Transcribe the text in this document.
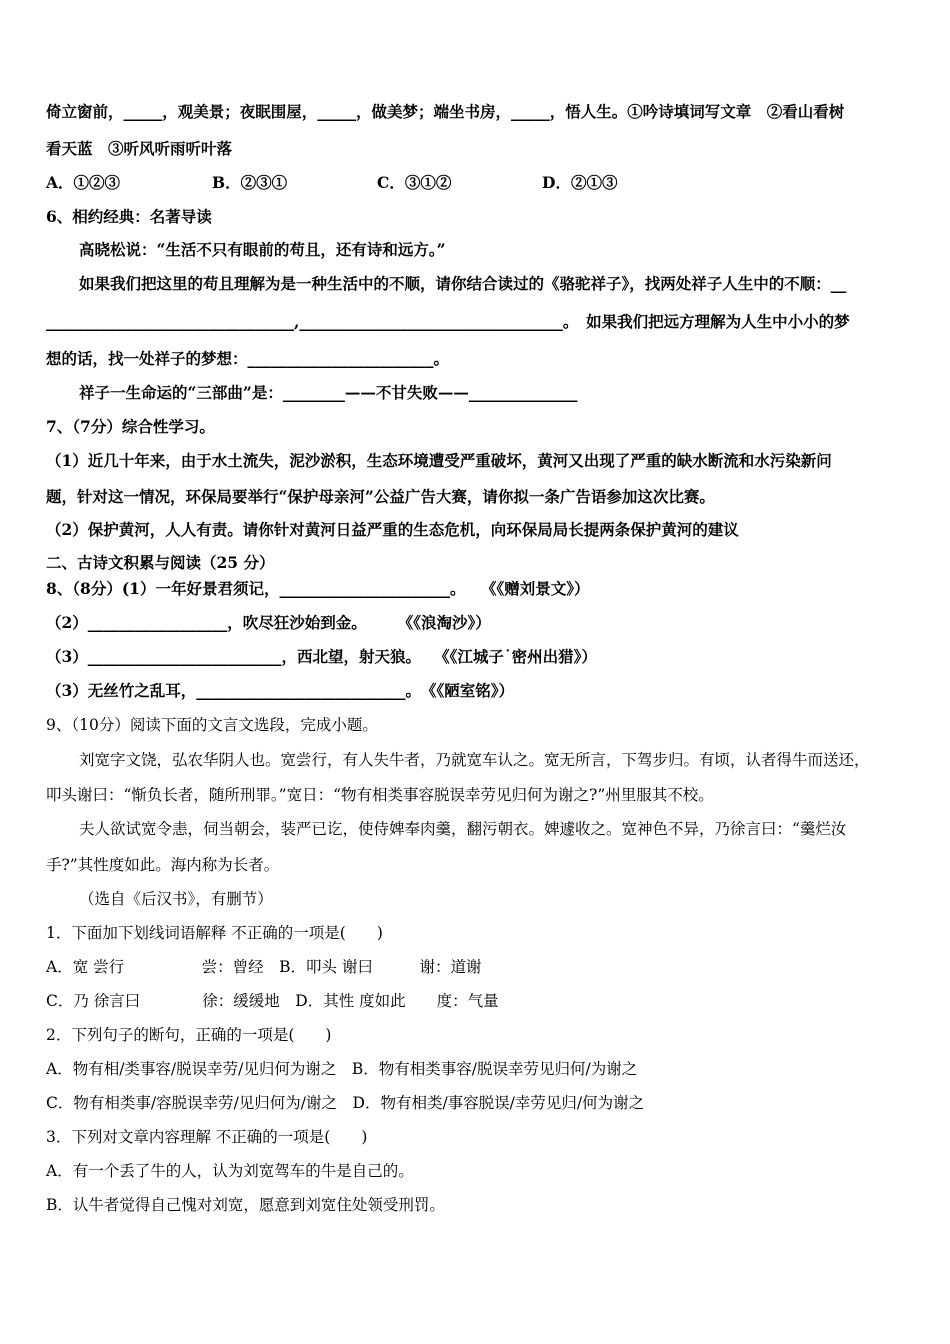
倚立窗前，_____，观美景；夜眠围屋，_____，做美梦；端坐书房，_____，悟人生。①吟诗填词写文章　②看山看树
看天蓝　③听风听雨听叶落
A．①②③	B．②③①	C．③①②	D．②①③
6、相约经典：名著导读
高晓松说：“生活不只有眼前的苟且，还有诗和远方。”
如果我们把这里的苟且理解为是一种生活中的不顺，请你结合读过的《骆驼祥子》，找两处祥子人生中的不顺：__
________________________________,__________________________________。　如果我们把远方理解为人生中小小的梦
想的话，找一处祥子的梦想：________________________。
祥子一生命运的“三部曲”是：________——不甘失败——______________
7、（7分）综合性学习。
（1）近几十年来，由于水土流失，泥沙淤积，生态环境遭受严重破坏，黄河又出现了严重的缺水断流和水污染新问
题，针对这一情况，环保局要举行“保护母亲河”公益广告大赛，请你拟一条广告语参加这次比赛。
（2）保护黄河，人人有责。请你针对黄河日益严重的生态危机，向环保局局长提两条保护黄河的建议
二、古诗文积累与阅读（25 分）
8、（8分）(1）一年好景君须记，______________________。　　《《赠刘景文》）
（2）__________________，吹尽狂沙始到金。　　　《《浪淘沙》）
（3）_________________________，西北望，射天狼。　 《《江城子˙密州出猎》）
（3）无丝竹之乱耳，___________________________。　《《陋室铭》）
9、（10分）阅读下面的文言文选段，完成小题。
刘宽字文饶，弘农华阴人也。宽尝行，有人失牛者，乃就宽车认之。宽无所言，下驾步归。有顷，认者得牛而送还，
叩头谢曰：“惭负长者，随所刑罪。”宽日：“物有相类事容脱误幸劳见归何为谢之?”州里服其不校。
夫人欲试宽令恚，伺当朝会，装严已讫，使侍婢奉肉羹，翻污朝衣。婢遽收之。宽神色不异，乃徐言曰：“羹烂汝
手?”其性度如此。海内称为长者。
（选自《后汉书》，有删节）
1．下面加下划线词语解释 不正确的一项是(　　)
A．宽 尝行　　　　　尝：曾经　B．叩头 谢曰　　　谢：道谢
C．乃 徐言曰　　　　徐：缓缓地　D．其性 度如此　　度：气量
2．下列句子的断句，正确的一项是(　　)
A．物有相/类事容/脱误幸劳/见归何为谢之　B．物有相类事容/脱误幸劳见归何/为谢之
C．物有相类事/容脱误幸劳/见归何为/谢之　D．物有相类/事容脱误/幸劳见归/何为谢之
3．下列对文章内容理解 不正确的一项是(　　)
A．有一个丢了牛的人，认为刘宽驾车的牛是自己的。
B．认牛者觉得自己愧对刘宽，愿意到刘宽住处领受刑罚。
